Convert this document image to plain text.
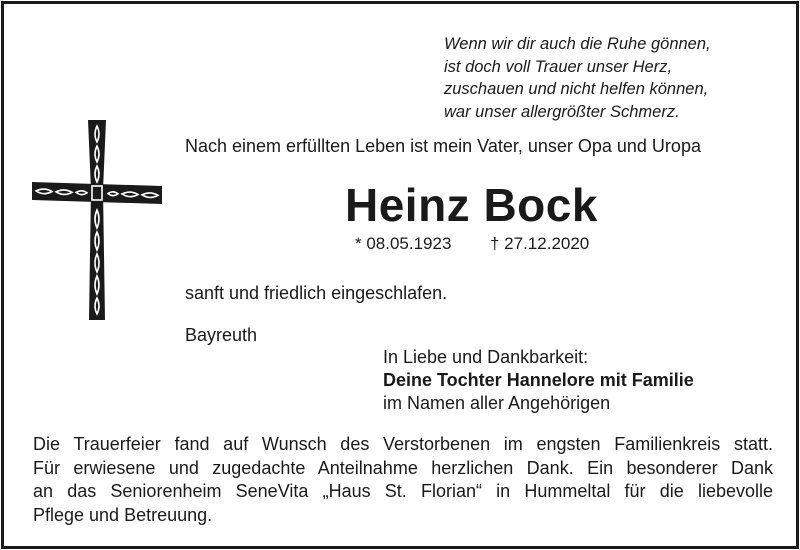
Wenn wir dir auch die Ruhe gönnen,
ist doch voll Trauer unser Herz,
zuschauen und nicht helfen können,
war unser allergrößter Schmerz.
Nach einem erfüllten Leben ist mein Vater, unser Opa und Uropa
Heinz Bock
* 08.05.1923 † 27.12.2020
sanft und friedlich eingeschlafen.
Bayreuth
In Liebe und Dankbarkeit:
Deine Tochter Hannelore mit Familie
im Namen aller Angehörigen
Die Trauerfeier fand auf Wunsch des Verstorbenen im engsten Familienkreis statt.
Für erwiesene und zugedachte Anteilnahme herzlichen Dank. Ein besonderer Dank
an das Seniorenheim SeneVita „Haus St. Florian“ in Hummeltal für die liebevolle
Pflege und Betreuung.
